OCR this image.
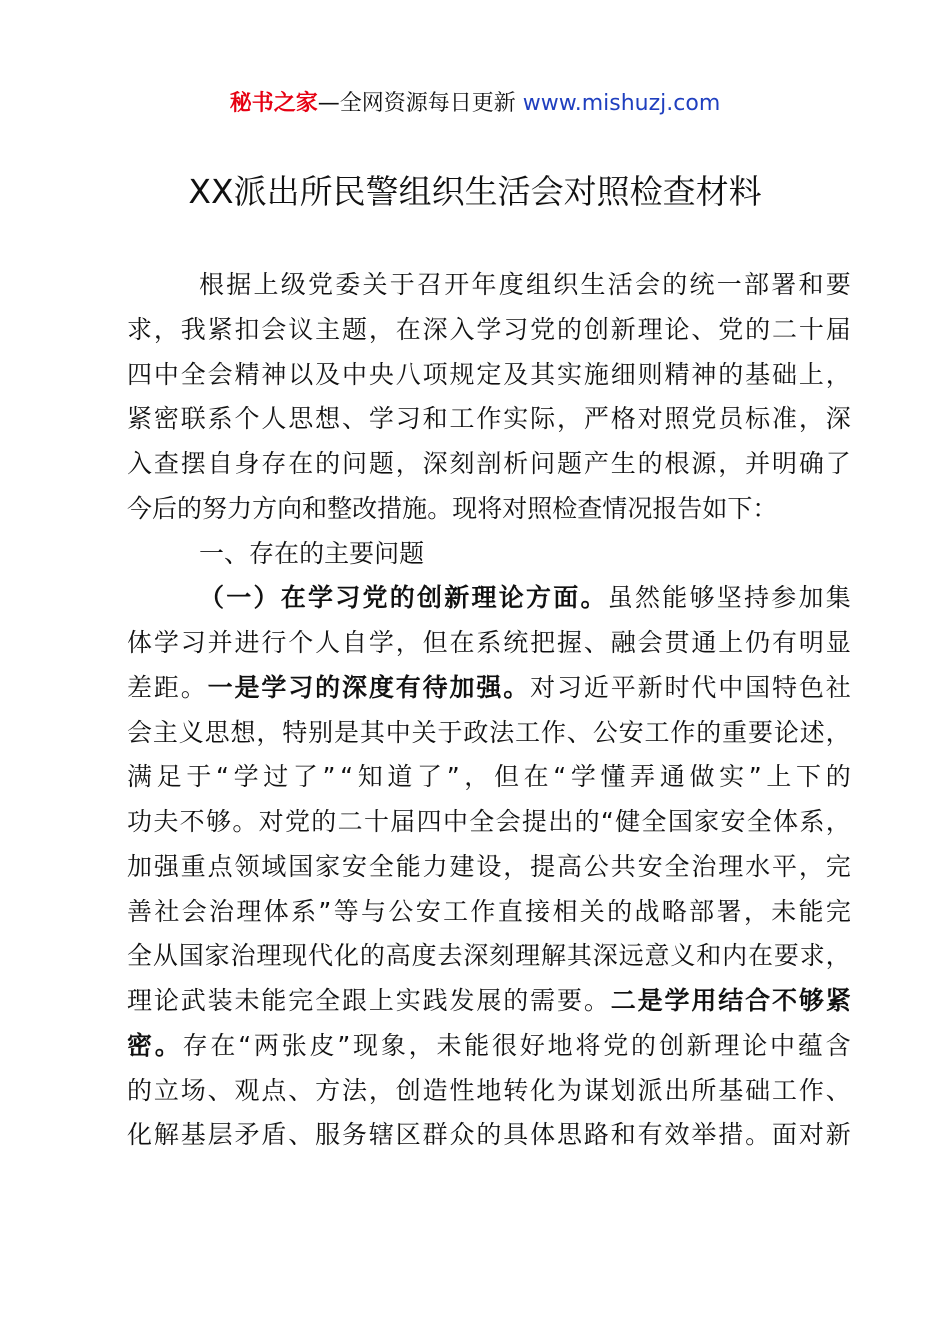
秘书之家—全网资源每日更新 www.mishuzj.com
XX派出所民警组织生活会对照检查材料
根 据 上 级 党 委 关 于 召 开 年 度 组 织 生 活 会 的 统 一 部 署 和 要
求 ， 我 紧 扣 会 议 主 题 ， 在 深 入 学 习 党 的 创 新 理 论 、 党 的 二 十 届
四 中 全 会 精 神 以 及 中 央 八 项 规 定 及 其 实 施 细 则 精 神 的 基 础 上 ，
紧 密 联 系 个 人 思 想 、 学 习 和 工 作 实 际 ， 严 格 对 照 党 员 标 准 ， 深
入 查 摆 自 身 存 在 的 问 题 ， 深 刻 剖 析 问 题 产 生 的 根 源 ， 并 明 确 了
今 后 的 努 力 方 向 和 整 改 措 施 。 现 将 对 照 检 查 情 况 报 告 如 下 ：
一 、 存 在 的 主 要 问 题
（ 一 ） 在 学 习 党 的 创 新 理 论 方 面 。 虽 然 能 够 坚 持 参 加 集
体 学 习 并 进 行 个 人 自 学 ， 但 在 系 统 把 握 、 融 会 贯 通 上 仍 有 明 显
差 距 。 一 是 学 习 的 深 度 有 待 加 强 。 对 习 近 平 新 时 代 中 国 特 色 社
会 主 义 思 想 ， 特 别 是 其 中 关 于 政 法 工 作 、 公 安 工 作 的 重 要 论 述 ，
满 足 于 “ 学 过 了 ” “ 知 道 了 ” ， 但 在 “ 学 懂 弄 通 做 实 ” 上 下 的
功 夫 不 够 。 对 党 的 二 十 届 四 中 全 会 提 出 的 “ 健 全 国 家 安 全 体 系 ，
加 强 重 点 领 域 国 家 安 全 能 力 建 设 ， 提 高 公 共 安 全 治 理 水 平 ， 完
善 社 会 治 理 体 系 ” 等 与 公 安 工 作 直 接 相 关 的 战 略 部 署 ， 未 能 完
全 从 国 家 治 理 现 代 化 的 高 度 去 深 刻 理 解 其 深 远 意 义 和 内 在 要 求 ，
理 论 武 装 未 能 完 全 跟 上 实 践 发 展 的 需 要 。 二 是 学 用 结 合 不 够 紧
密 。 存 在 “ 两 张 皮 ” 现 象 ， 未 能 很 好 地 将 党 的 创 新 理 论 中 蕴 含
的 立 场 、 观 点 、 方 法 ， 创 造 性 地 转 化 为 谋 划 派 出 所 基 础 工 作 、
化 解 基 层 矛 盾 、 服 务 辖 区 群 众 的 具 体 思 路 和 有 效 举 措 。 面 对 新
